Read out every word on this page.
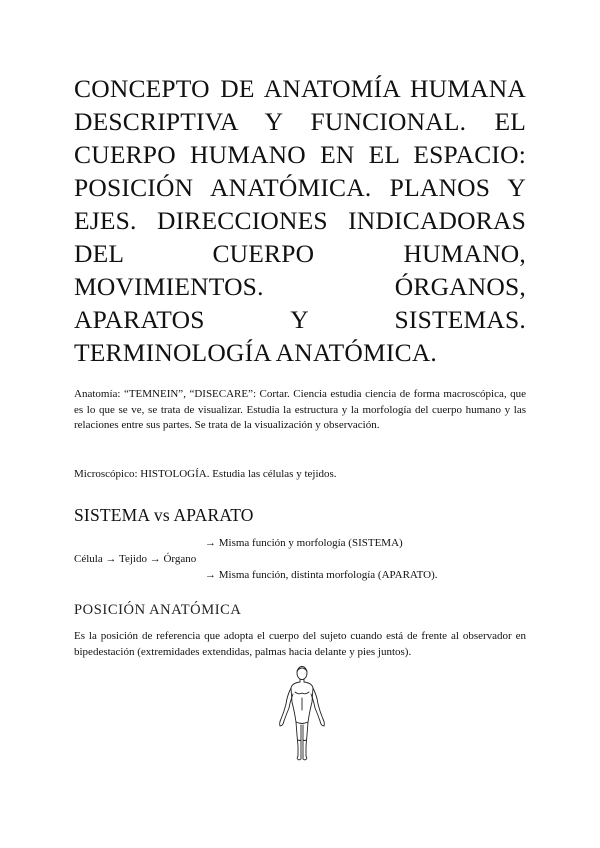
CONCEPTO DE ANATOMÍA HUMANA DESCRIPTIVA Y FUNCIONAL. EL CUERPO HUMANO EN EL ESPACIO: POSICIÓN ANATÓMICA. PLANOS Y EJES. DIRECCIONES INDICADORAS DEL CUERPO HUMANO, MOVIMIENTOS. ÓRGANOS, APARATOS Y SISTEMAS. TERMINOLOGÍA ANATÓMICA.

Anatomía: “TEMNEIN”, “DISECARE”: Cortar. Ciencia estudia ciencia de forma macroscópica, que es lo que se ve, se trata de visualizar. Estudia la estructura y la morfología del cuerpo humano y las relaciones entre sus partes. Se trata de la visualización y observación.

Microscópico: HISTOLOGÍA. Estudia las células y tejidos.

SISTEMA vs APARATO
→ Misma función y morfología (SISTEMA)
Célula → Tejido → Órgano
→ Misma función, distinta morfología (APARATO).
POSICIÓN ANATÓMICA

Es la posición de referencia que adopta el cuerpo del sujeto cuando está de frente al observador en bipedestación (extremidades extendidas, palmas hacia delante y pies juntos).
